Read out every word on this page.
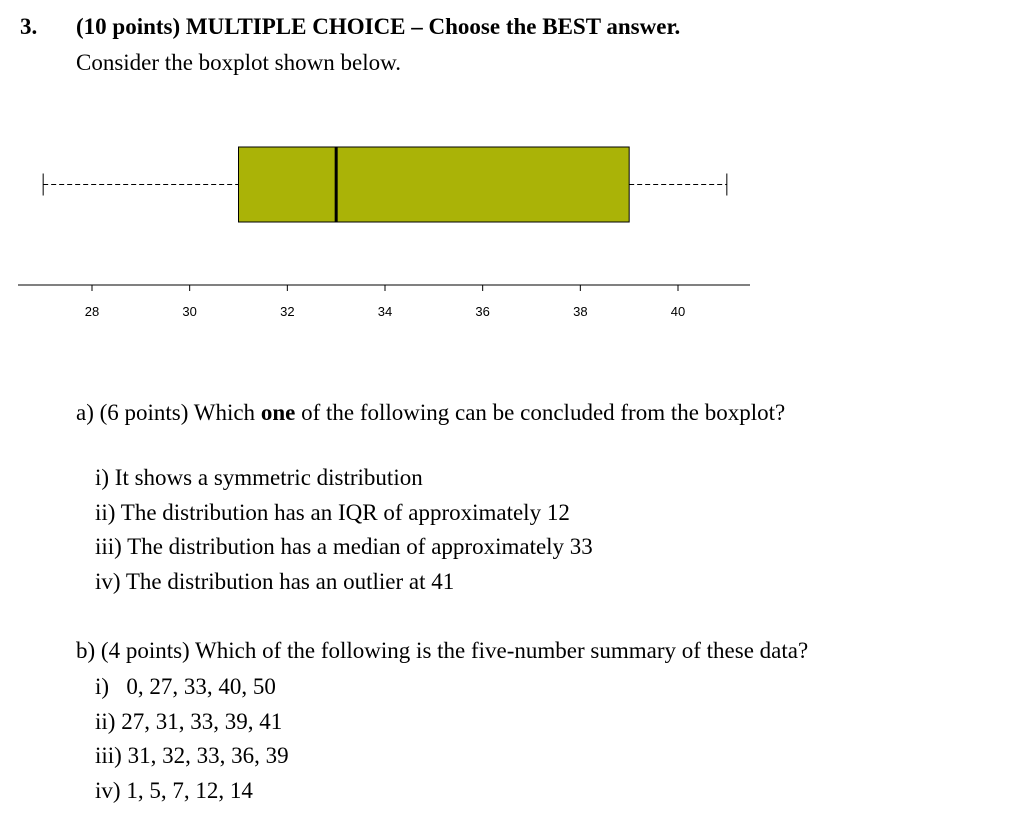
3. (10 points) MULTIPLE CHOICE – Choose the BEST answer.
Consider the boxplot shown below.
28	30	32	34	36	38	40
a) (6 points) Which one of the following can be concluded from the boxplot?
i) It shows a symmetric distribution
ii) The distribution has an IQR of approximately 12
iii) The distribution has a median of approximately 33
iv) The distribution has an outlier at 41
b) (4 points) Which of the following is the five-number summary of these data?
i) 0, 27, 33, 40, 50
ii) 27, 31, 33, 39, 41
iii) 31, 32, 33, 36, 39
iv) 1, 5, 7, 12, 14
